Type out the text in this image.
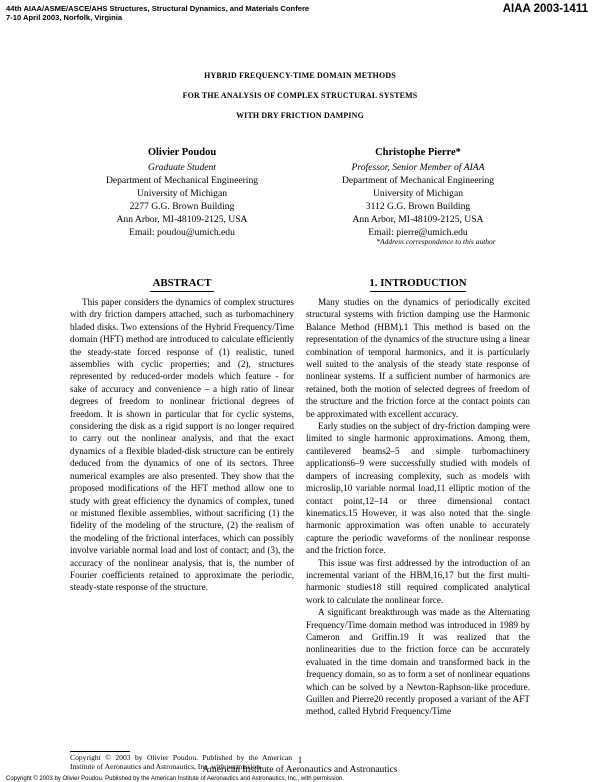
44th AIAA/ASME/ASCE/AHS Structures, Structural Dynamics, and Materials Confere
7-10 April 2003, Norfolk, Virginia
AIAA 2003-1411
HYBRID FREQUENCY-TIME DOMAIN METHODS
FOR THE ANALYSIS OF COMPLEX STRUCTURAL SYSTEMS
WITH DRY FRICTION DAMPING
Olivier Poudou
Graduate Student
Department of Mechanical Engineering
University of Michigan
2277 G.G. Brown Building
Ann Arbor, MI-48109-2125, USA
Email: poudou@umich.edu
Christophe Pierre*
Professor, Senior Member of AIAA
Department of Mechanical Engineering
University of Michigan
3112 G.G. Brown Building
Ann Arbor, MI-48109-2125, USA
Email: pierre@umich.edu
*Address correspondence to this author
ABSTRACT

This paper considers the dynamics of complex structures with dry friction dampers attached, such as turbomachinery bladed disks. Two extensions of the Hybrid Frequency/Time domain (HFT) method are introduced to calculate efficiently the steady-state forced response of (1) realistic, tuned assemblies with cyclic properties; and (2), structures represented by reduced-order models which feature - for sake of accuracy and convenience – a high ratio of linear degrees of freedom to nonlinear frictional degrees of freedom. It is shown in particular that for cyclic systems, considering the disk as a rigid support is no longer required to carry out the nonlinear analysis, and that the exact dynamics of a flexible bladed-disk structure can be entirely deduced from the dynamics of one of its sectors. Three numerical examples are also presented. They show that the proposed modifications of the HFT method allow one to study with great efficiency the dynamics of complex, tuned or mistuned flexible assemblies, without sacrificing (1) the fidelity of the modeling of the structure, (2) the realism of the modeling of the frictional interfaces, which can possibly involve variable normal load and lost of contact; and (3), the accuracy of the nonlinear analysis, that is, the number of Fourier coefficients retained to approximate the periodic, steady-state response of the structure.

1. INTRODUCTION

Many studies on the dynamics of periodically excited structural systems with friction damping use the Harmonic Balance Method (HBM).1 This method is based on the representation of the dynamics of the structure using a linear combination of temporal harmonics, and it is particularly well suited to the analysis of the steady state response of nonlinear systems. If a sufficient number of harmonics are retained, both the motion of selected degrees of freedom of the structure and the friction force at the contact points can be approximated with excellent accuracy.

Early studies on the subject of dry-friction damping were limited to single harmonic approximations. Among them, cantilevered beams2–5 and simple turbomachinery applications6–9 were successfully studied with models of dampers of increasing complexity, such as models with microslip,10 variable normal load,11 elliptic motion of the contact point,12–14 or three dimensional contact kinematics.15 However, it was also noted that the single harmonic approximation was often unable to accurately capture the periodic waveforms of the nonlinear response and the friction force.

This issue was first addressed by the introduction of an incremental variant of the HBM,16,17 but the first multi-harmonic studies18 still required complicated analytical work to calculate the nonlinear force.

A significant breakthrough was made as the Alternating Frequency/Time domain method was introduced in 1989 by Cameron and Griffin.19 It was realized that the nonlinearities due to the friction force can be accurately evaluated in the time domain and transformed back in the frequency domain, so as to form a set of nonlinear equations which can be solved by a Newton-Raphson-like procedure. Guillen and Pierre20 recently proposed a variant of the AFT method, called Hybrid Frequency/Time

Copyright © 2003 by Olivier Poudou. Published by the American Institute of Aeronautics and Astronautics, Inc. with permission.
1
American Institute of Aeronautics and Astronautics
Copyright © 2003 by Olivier Poudou. Published by the American Institute of Aeronautics and Astronautics, Inc., with permission.
